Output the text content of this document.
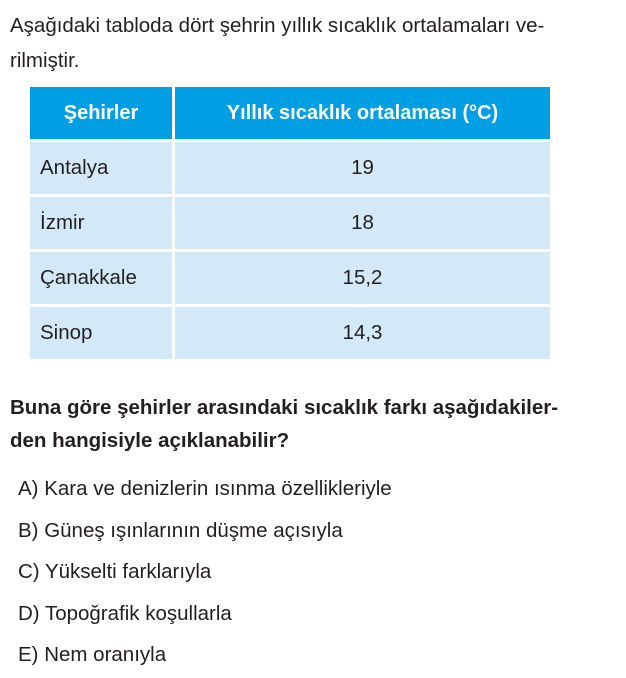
Aşağıdaki tabloda dört şehrin yıllık sıcaklık ortalamaları ve-
rilmiştir.
Şehirler	Yıllık sıcaklık ortalaması (°C)
Antalya	19
İzmir	18
Çanakkale	15,2
Sinop	14,3
Buna göre şehirler arasındaki sıcaklık farkı aşağıdakiler-
den hangisiyle açıklanabilir?
A) Kara ve denizlerin ısınma özellikleriyle
B) Güneş ışınlarının düşme açısıyla
C) Yükselti farklarıyla
D) Topoğrafik koşullarla
E) Nem oranıyla
